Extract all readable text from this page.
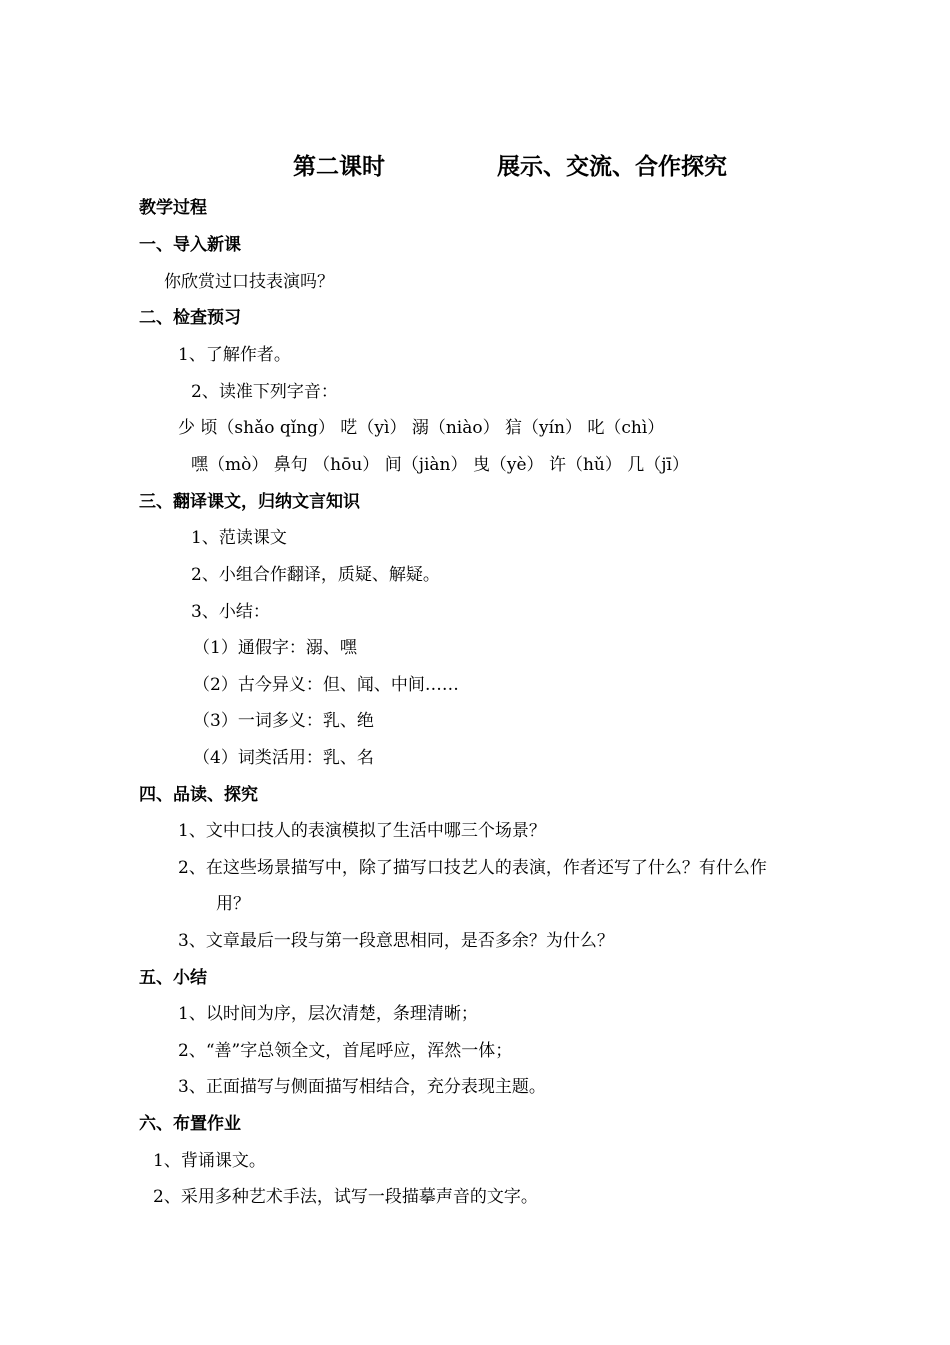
第二课时	展示、交流、合作探究
教学过程
一、导入新课
你欣赏过口技表演吗？
二、检查预习
1、了解作者。
2、读准下列字音：
少 顷（shǎo qǐng） 呓（yì） 溺（niào） 狺（yín） 叱（chì）
嘿（mò） 鼻句 （hōu） 间（jiàn） 曳（yè） 许（hǔ） 几（jī）
三、翻译课文，归纳文言知识
1、范读课文
2、小组合作翻译，质疑、解疑。
3、小结：
（1）通假字：溺、嘿
（2）古今异义：但、闻、中间……
（3）一词多义：乳、绝
（4）词类活用：乳、名
四、品读、探究
1、文中口技人的表演模拟了生活中哪三个场景？
2、在这些场景描写中，除了描写口技艺人的表演，作者还写了什么？有什么作
用？
3、文章最后一段与第一段意思相同，是否多余？为什么？
五、小结
1、以时间为序，层次清楚，条理清晰；
2、“善”字总领全文，首尾呼应，浑然一体；
3、正面描写与侧面描写相结合，充分表现主题。
六、布置作业
1、背诵课文。
2、采用多种艺术手法，试写一段描摹声音的文字。
